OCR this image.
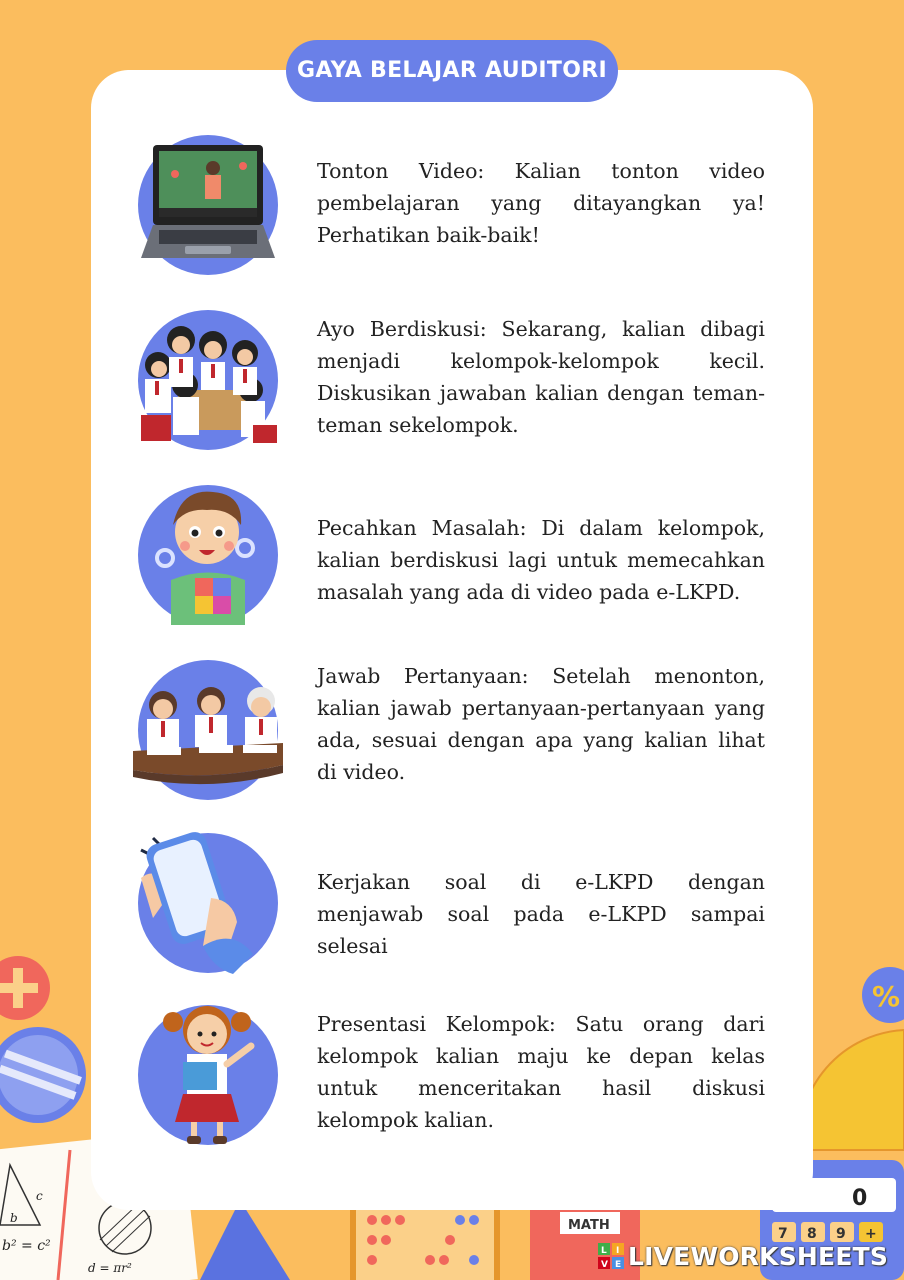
c
b
b² = c²
d = πr²
MATH
%
0
7 8 9 +
GAYA BELAJAR AUDITORI
Tonton Video: Kalian tonton video pembelajaran yang ditayangkan ya! Perhatikan baik-baik!
Ayo Berdiskusi: Sekarang, kalian dibagi menjadi kelompok-kelompok kecil. Diskusikan jawaban kalian dengan teman-teman sekelompok.
Pecahkan Masalah: Di dalam kelompok, kalian berdiskusi lagi untuk memecahkan masalah yang ada di video pada e-LKPD.
Jawab Pertanyaan: Setelah menonton, kalian jawab pertanyaan-pertanyaan yang ada, sesuai dengan apa yang kalian lihat di video.
Kerjakan soal di e-LKPD dengan menjawab soal pada e-LKPD sampai selesai
Presentasi Kelompok: Satu orang dari kelompok kalian maju ke depan kelas untuk menceritakan hasil diskusi kelompok kalian.
L I
V E LIVEWORKSHEETS
